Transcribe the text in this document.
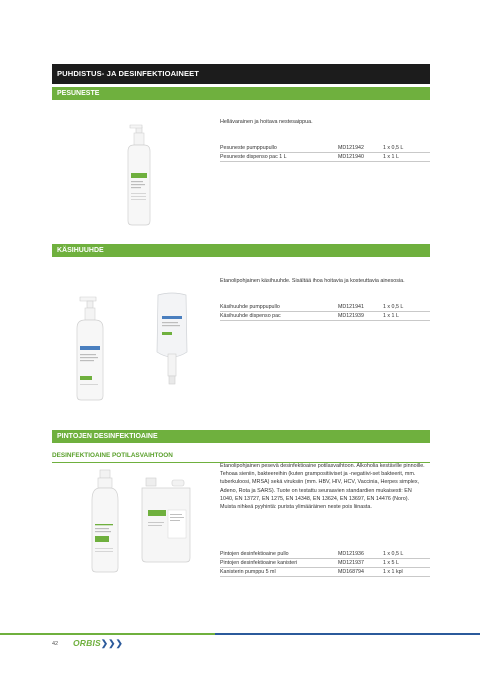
PUHDISTUS- JA DESINFEKTIOAINEET
PESUNESTE
Hellävarainen ja hoitava nestesaippua.
Pesuneste pumppupullo	MD121942	1 x 0,5 L
Pesuneste dispenso pac 1 L	MD121940	1 x 1 L
KÄSIHUUHDE
Etanolipohjainen käsihuuhde. Sisältää ihoa hoitavia ja kosteuttavia ainesosia.
Käsihuuhde pumppupullo	MD121941	1 x 0,5 L
Käsihuuhde dispenso pac	MD121939	1 x 1 L
PINTOJEN DESINFEKTIOAINE
DESINFEKTIOAINE POTILASVAIHTOON
Etanolipohjainen pesevä desinfektioaine potilasvaihtoon. Alkoholia kestäville pinnoille. Tehoaa sieniin, bakteereihin (kuten grampositiiviset ja -negatiivi-set bakteerit, mm. tuberkuloosi, MRSA) sekä viruksiin (mm. HBV, HIV, HCV, Vaccinia, Herpes simplex, Adeno, Rota ja SARS). Tuote on testattu seuraavien standardien mukaisesti: EN 1040, EN 13727, EN 1275, EN 14348, EN 13624, EN 13697, EN 14476 (Noro). Muista nihkeä pyyhintä: purista ylimääräinen neste pois liinasta.
Pintojen desinfektioaine pullo	MD121936	1 x 0,5 L
Pintojen desinfektioaine kanisteri	MD121937	1 x 5 L
Kanisterin pumppu 5 ml	MD168794	1 x 1 kpl
42 ORBIS❯❯❯
